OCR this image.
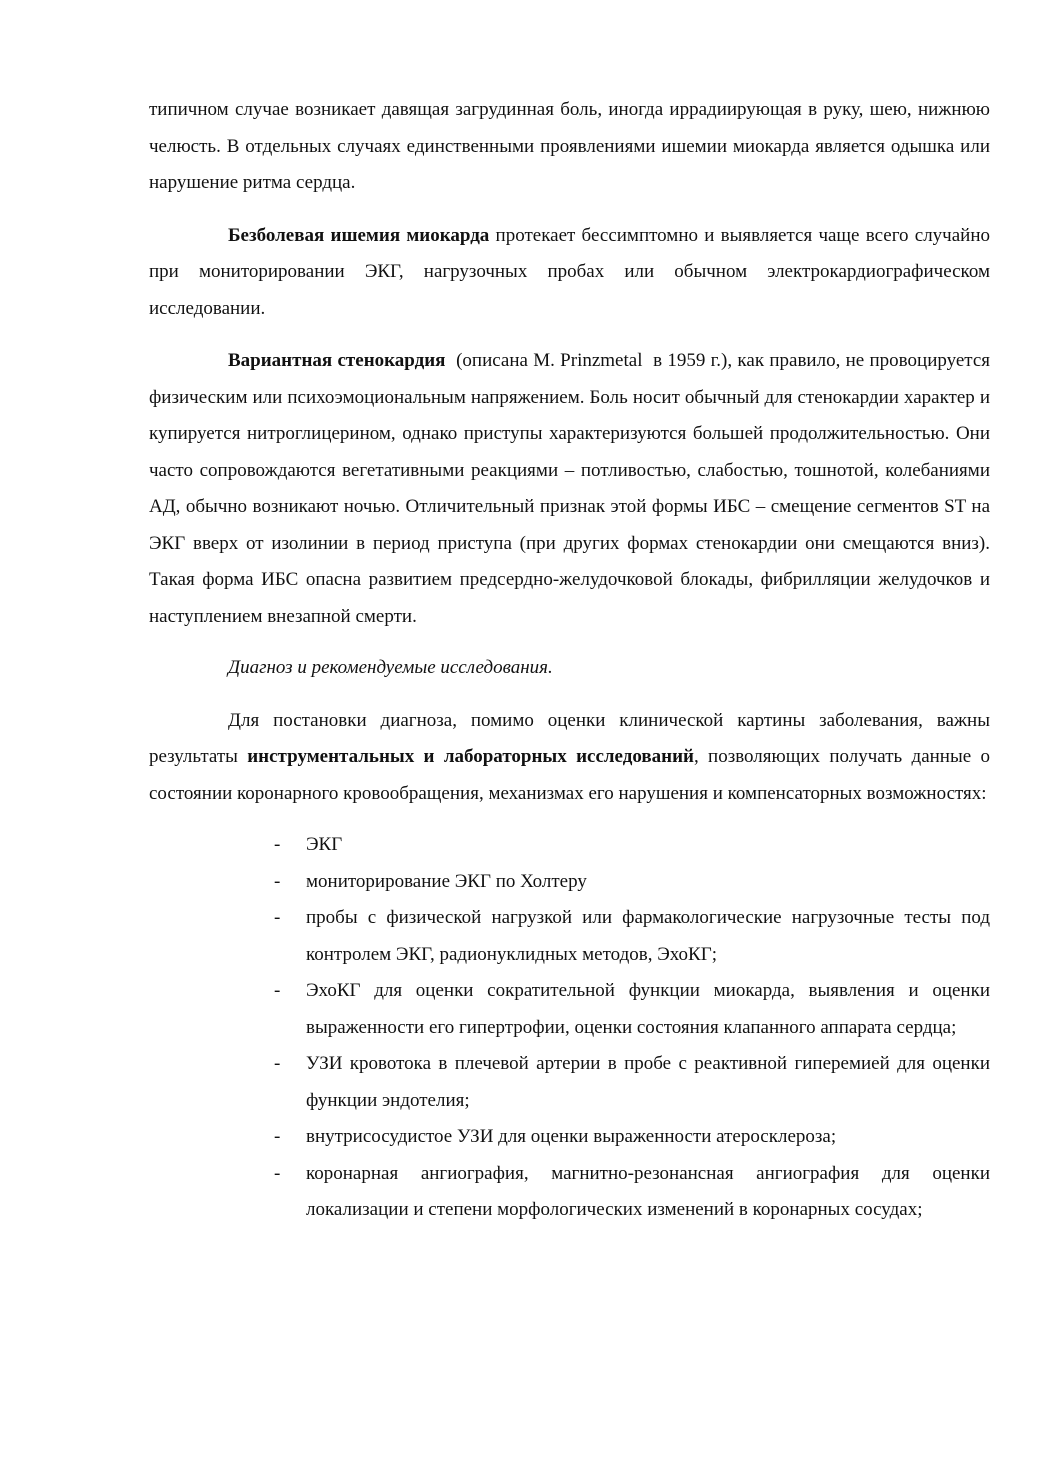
типичном случае возникает давящая загрудинная боль, иногда иррадиирующая в руку, шею, нижнюю челюсть. В отдельных случаях единственными проявлениями ишемии миокарда является одышка или нарушение ритма сердца.

Безболевая ишемия миокарда протекает бессимптомно и выявляется чаще всего случайно при мониторировании ЭКГ, нагрузочных пробах или обычном электрокардиографическом исследовании.

Вариантная стенокардия  (описана M. Prinzmetal  в 1959 г.), как правило, не провоцируется физическим или психоэмоциональным напряжением. Боль носит обычный для стенокардии характер и купируется нитроглицерином, однако приступы характеризуются большей продолжительностью. Они часто сопровождаются вегетативными реакциями – потливостью, слабостью, тошнотой, колебаниями АД, обычно возникают ночью. Отличительный признак этой формы ИБС – смещение сегментов ST на ЭКГ вверх от изолинии в период приступа (при других формах стенокардии они смещаются вниз). Такая форма ИБС опасна развитием предсердно-желудочковой блокады, фибрилляции желудочков и наступлением внезапной смерти.

Диагноз и рекомендуемые исследования.

Для постановки диагноза, помимо оценки клинической картины заболевания, важны результаты инструментальных и лабораторных исследований, позволяющих получать данные о состоянии коронарного кровообращения, механизмах его нарушения и компенсаторных возможностях:

- ЭКГ
- мониторирование ЭКГ по Холтеру
- пробы с физической нагрузкой или фармакологические нагрузочные тесты под контролем ЭКГ, радионуклидных методов, ЭхоКГ;
- ЭхоКГ для оценки сократительной функции миокарда, выявления и оценки выраженности его гипертрофии, оценки состояния клапанного аппарата сердца;
- УЗИ кровотока в плечевой артерии в пробе с реактивной гиперемией для оценки функции эндотелия;
- внутрисосудистое УЗИ для оценки выраженности атеросклероза;
- коронарная ангиография, магнитно-резонансная ангиография для оценки локализации и степени морфологических изменений в коронарных сосудах;
